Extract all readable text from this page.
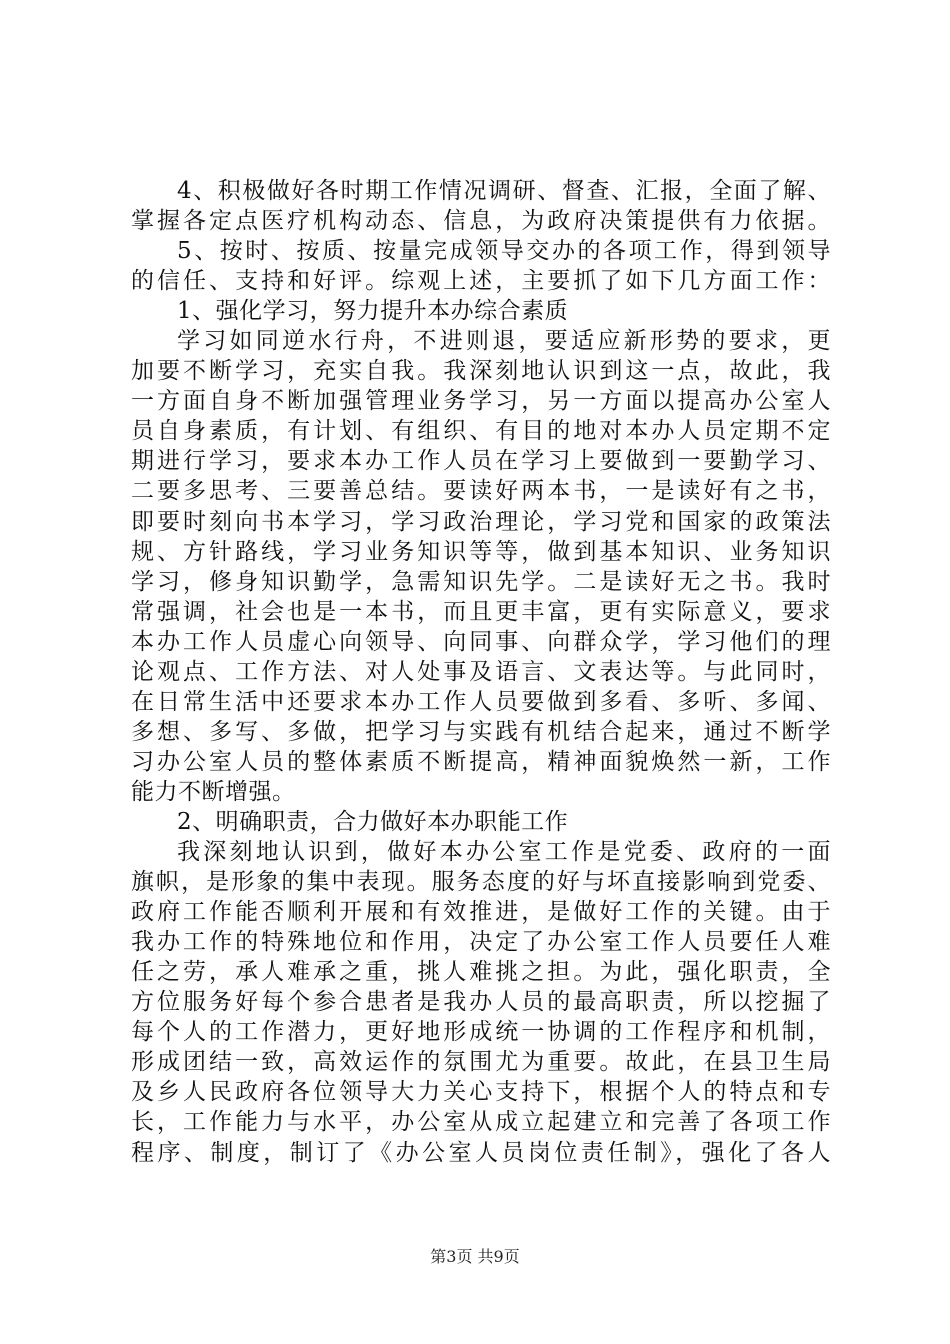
4、积极做好各时期工作情况调研、督查、汇报，全面了解、
掌握各定点医疗机构动态、信息，为政府决策提供有力依据。
5、按时、按质、按量完成领导交办的各项工作，得到领导
的信任、支持和好评。综观上述，主要抓了如下几方面工作：
1、强化学习，努力提升本办综合素质
学习如同逆水行舟，不进则退，要适应新形势的要求，更
加要不断学习，充实自我。我深刻地认识到这一点，故此，我
一方面自身不断加强管理业务学习，另一方面以提高办公室人
员自身素质，有计划、有组织、有目的地对本办人员定期不定
期进行学习，要求本办工作人员在学习上要做到一要勤学习、
二要多思考、三要善总结。要读好两本书，一是读好有之书，
即要时刻向书本学习，学习政治理论，学习党和国家的政策法
规、方针路线，学习业务知识等等，做到基本知识、业务知识
学习，修身知识勤学，急需知识先学。二是读好无之书。我时
常强调，社会也是一本书，而且更丰富，更有实际意义，要求
本办工作人员虚心向领导、向同事、向群众学，学习他们的理
论观点、工作方法、对人处事及语言、文表达等。与此同时，
在日常生活中还要求本办工作人员要做到多看、多听、多闻、
多想、多写、多做，把学习与实践有机结合起来，通过不断学
习办公室人员的整体素质不断提高，精神面貌焕然一新，工作
能力不断增强。
2、明确职责，合力做好本办职能工作
我深刻地认识到，做好本办公室工作是党委、政府的一面
旗帜，是形象的集中表现。服务态度的好与坏直接影响到党委、
政府工作能否顺利开展和有效推进，是做好工作的关键。由于
我办工作的特殊地位和作用，决定了办公室工作人员要任人难
任之劳，承人难承之重，挑人难挑之担。为此，强化职责，全
方位服务好每个参合患者是我办人员的最高职责，所以挖掘了
每个人的工作潜力，更好地形成统一协调的工作程序和机制，
形成团结一致，高效运作的氛围尤为重要。故此，在县卫生局
及乡人民政府各位领导大力关心支持下，根据个人的特点和专
长，工作能力与水平，办公室从成立起建立和完善了各项工作
程序、制度，制订了《办公室人员岗位责任制》，强化了各人
第3页 共9页
